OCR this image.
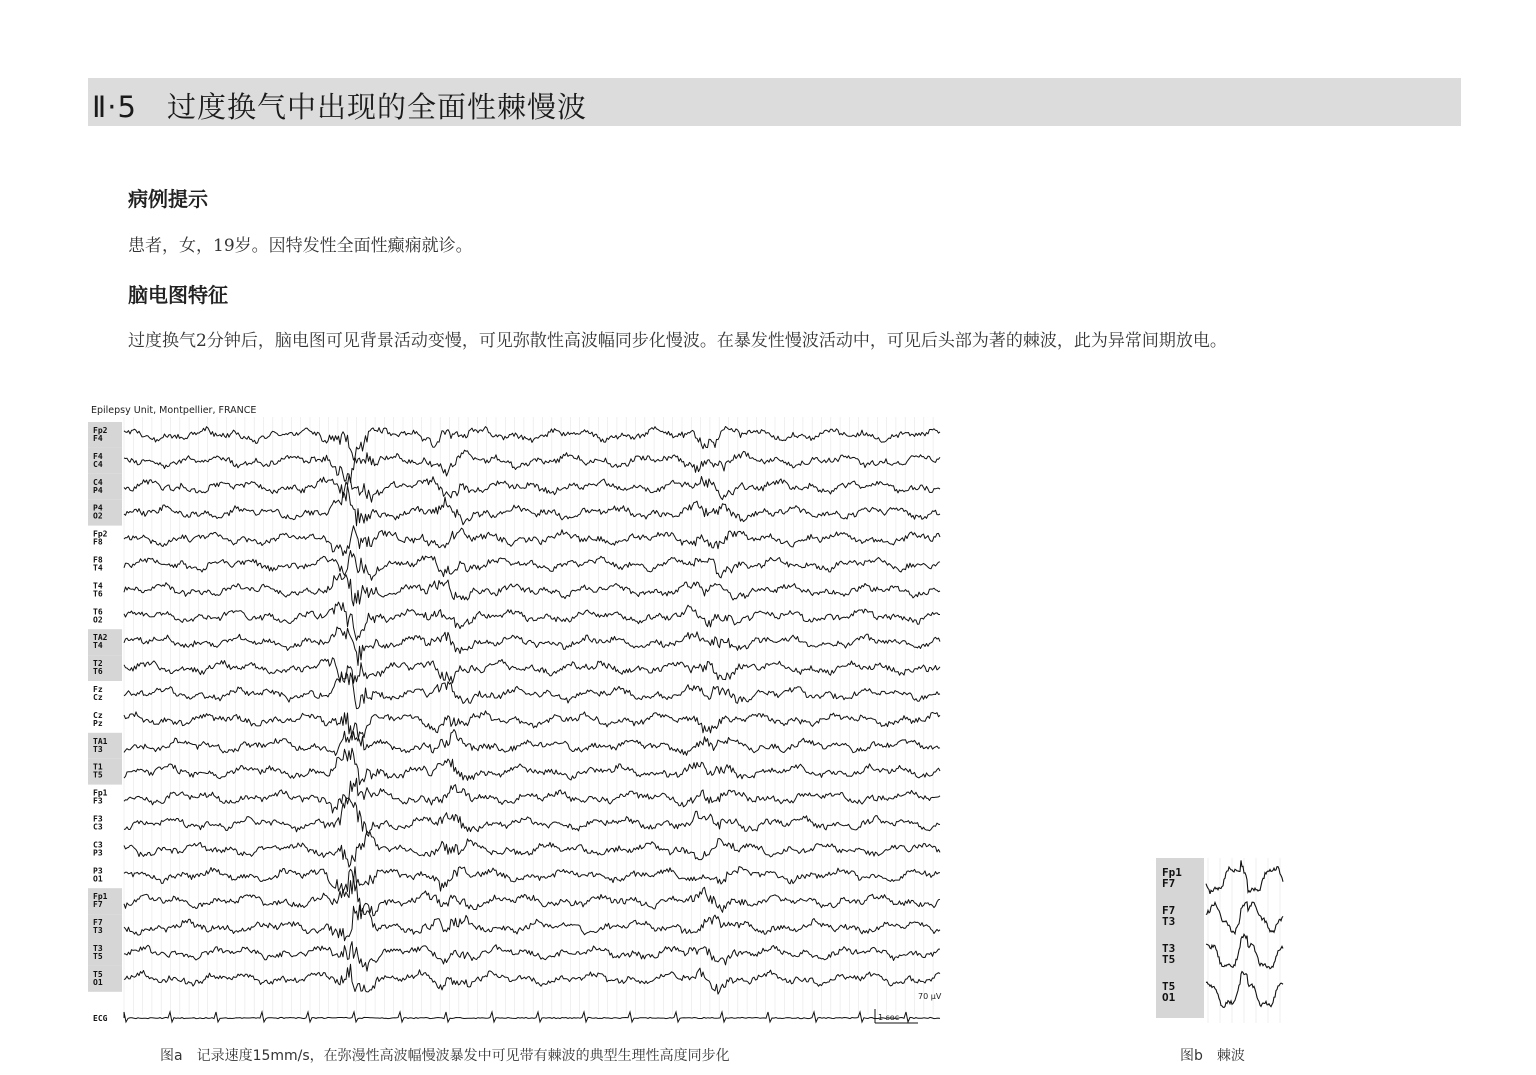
Ⅱ·5　过度换气中出现的全面性棘慢波
病例提示
患者，女，19岁。因特发性全面性癫痫就诊。
脑电图特征
过度换气2分钟后，脑电图可见背景活动变慢，可见弥散性高波幅同步化慢波。在暴发性慢波活动中，可见后头部为著的棘波，此为异常间期放电。
Epilepsy Unit, Montpellier, FRANCE
Fp2
F4
F4
C4
C4
P4
P4
O2
Fp2
F8
F8
T4
T4
T6
T6
O2
TA2
T4
T2
T6
Fz
Cz
Cz
Pz
TA1
T3
T1
T5
Fp1
F3
F3
C3
C3
P3
P3
O1
Fp1
F7
F7
T3
T3
T5
T5
O1
ECG
70 μV
1 sec
图a　记录速度15mm/s，在弥漫性高波幅慢波暴发中可见带有棘波的典型生理性高度同步化
Fp1
F7
F7
T3
T3
T5
T5
O1
图b　棘波
